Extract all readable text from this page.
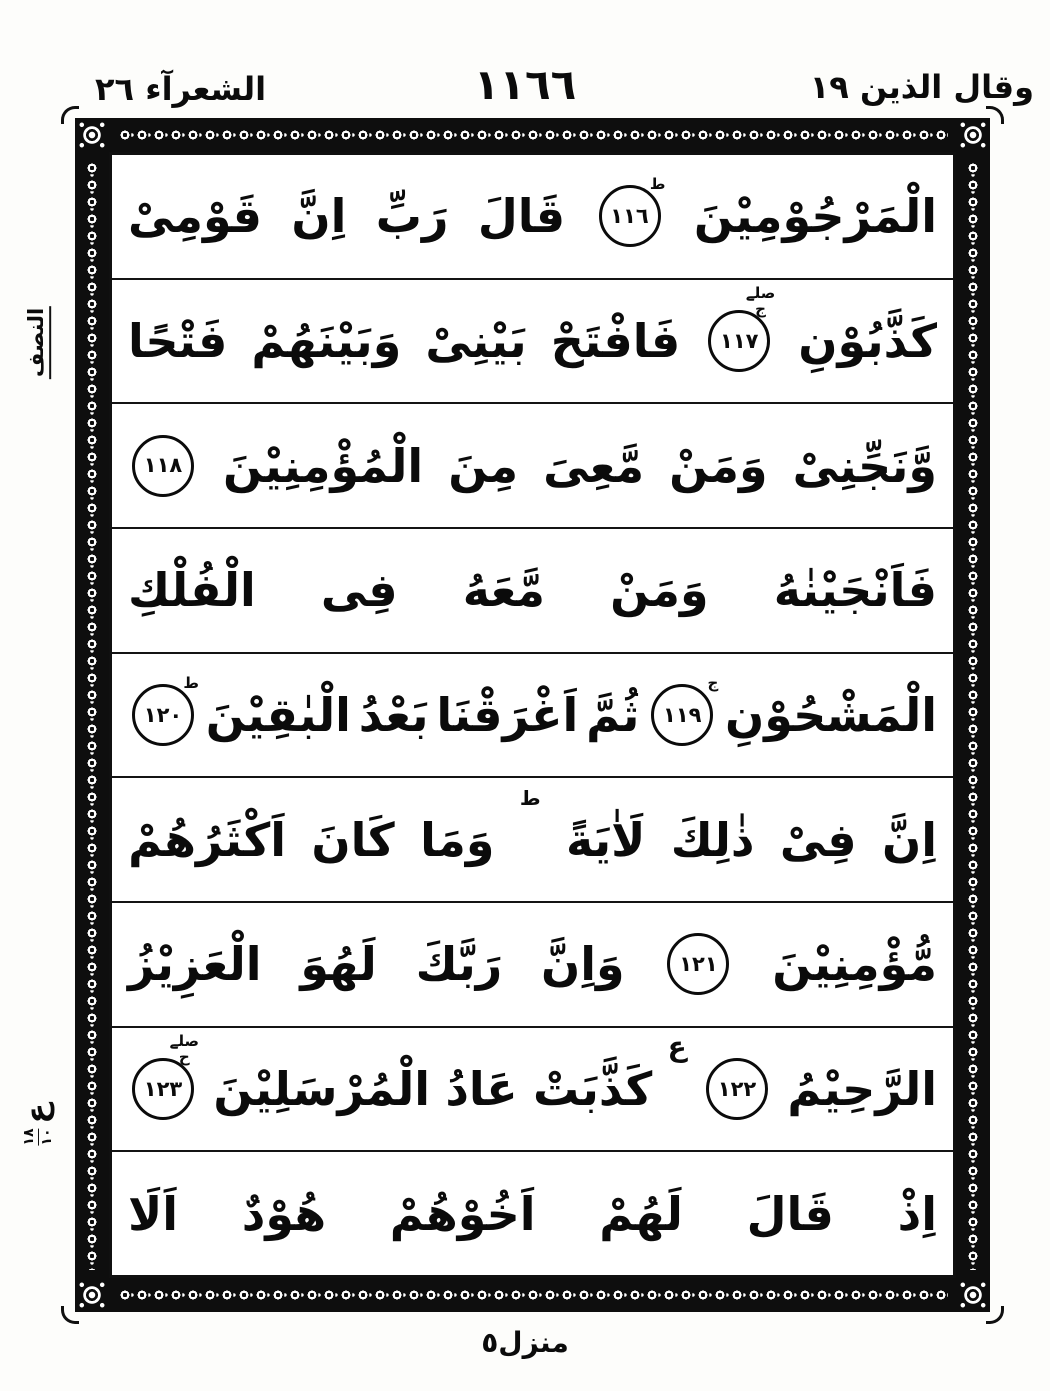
الشعرآء ٢٦	١١٦٦	وقال الذين ١٩
النصف
ع
١٨ ١٠
الْمَرْجُوْمِيْنَ
١١٦
ط
قَالَ
رَبِّ
اِنَّ
قَوْمِىْ
كَذَّبُوْنِ
١١٧
صلے
ج
فَافْتَحْ
بَيْنِىْ
وَبَيْنَهُمْ
فَتْحًا
وَّنَجِّنِىْ
وَمَنْ
مَّعِىَ
مِنَ
الْمُؤْمِنِيْنَ
١١٨
فَاَنْجَيْنٰهُ
وَمَنْ
مَّعَهُ
فِى
الْفُلْكِ
الْمَشْحُوْنِ
١١٩
ج
ثُمَّ
اَغْرَقْنَا
بَعْدُ
الْبٰقِيْنَ
١٢٠
ط
اِنَّ
فِىْ
ذٰلِكَ
لَاٰيَةً
ط
وَمَا
كَانَ
اَكْثَرُهُمْ
مُّؤْمِنِيْنَ
١٢١
وَاِنَّ
رَبَّكَ
لَهُوَ
الْعَزِيْزُ
الرَّحِيْمُ
١٢٢
ع
كَذَّبَتْ
عَادُ
الْمُرْسَلِيْنَ
١٢٣
صلے
ح
اِذْ
قَالَ
لَهُمْ
اَخُوْهُمْ
هُوْدٌ
اَلَا
منزل٥
